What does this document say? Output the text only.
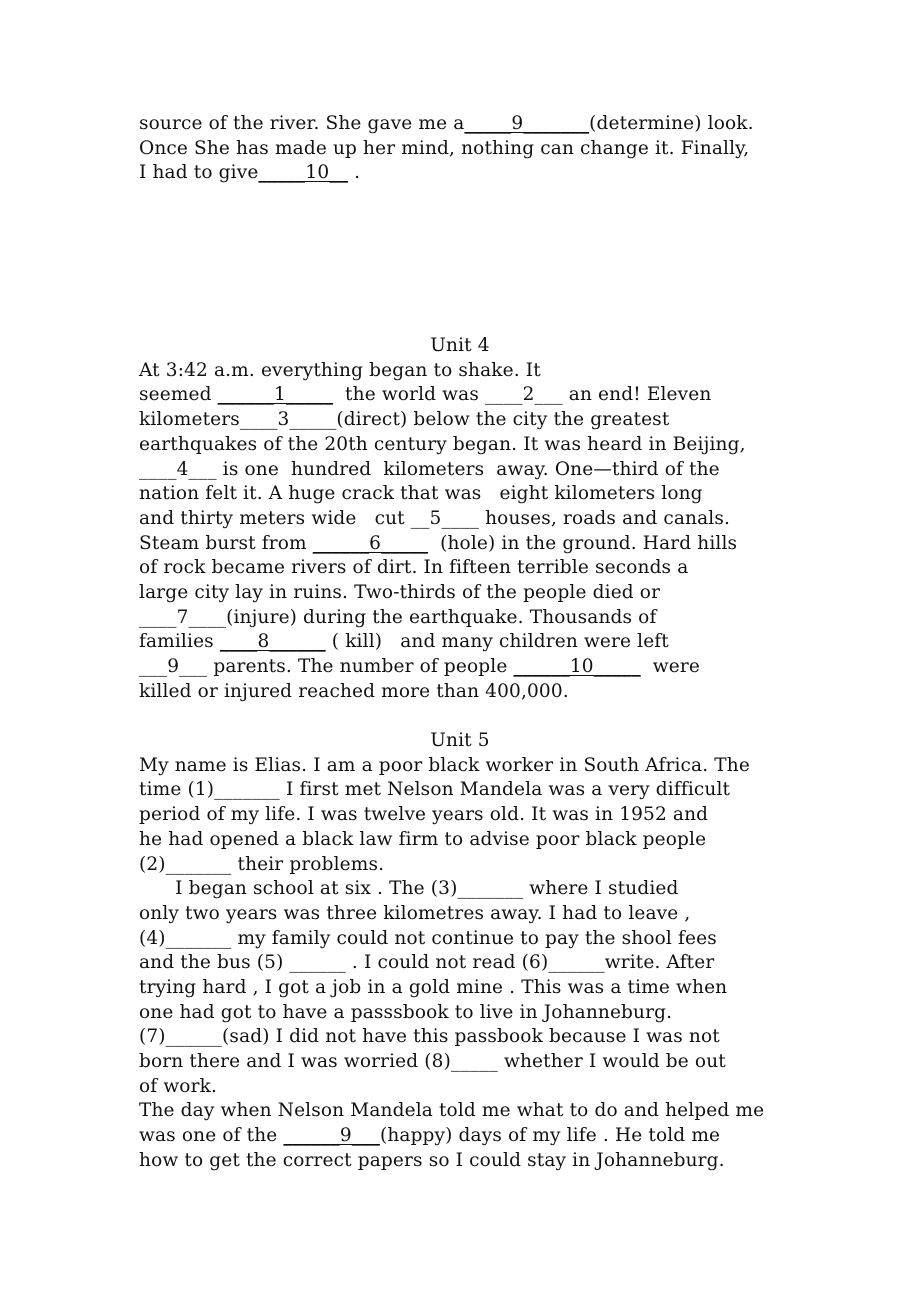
source of the river. She gave me a_____9_______(determine) look.
Once She has made up her mind, nothing can change it. Finally,
I had to give_____10__ .
Unit 4
At 3:42 a.m. everything began to shake. It
seemed ______1_____  the world was ____2___ an end! Eleven
kilometers____3_____(direct) below the city the greatest
earthquakes of the 20th century began. It was heard in Beijing,
____4___ is one  hundred  kilometers  away. One—third of the
nation felt it. A huge crack that was   eight kilometers long
and thirty meters wide   cut __5____ houses, roads and canals.
Steam burst from ______6_____  (hole) in the ground. Hard hills
of rock became rivers of dirt. In fifteen terrible seconds a
large city lay in ruins. Two-thirds of the people died or
____7____(injure) during the earthquake. Thousands of
families ____8______ ( kill)   and many children were left
___9___ parents. The number of people ______10_____  were
killed or injured reached more than 400,000.
Unit 5
My name is Elias. I am a poor black worker in South Africa. The
time (1)_______ I first met Nelson Mandela was a very difficult
period of my life. I was twelve years old. It was in 1952 and
he had opened a black law firm to advise poor black people
(2)_______ their problems.
I began school at six . The (3)_______ where I studied
only two years was three kilometres away. I had to leave ,
(4)_______ my family could not continue to pay the shool fees
and the bus (5) ______ . I could not read (6)______write. After
trying hard , I got a job in a gold mine . This was a time when
one had got to have a passsbook to live in Johanneburg.
(7)______(sad) I did not have this passbook because I was not
born there and I was worried (8)_____ whether I would be out
of work.
The day when Nelson Mandela told me what to do and helped me
was one of the ______9___(happy) days of my life . He told me
how to get the correct papers so I could stay in Johanneburg.
